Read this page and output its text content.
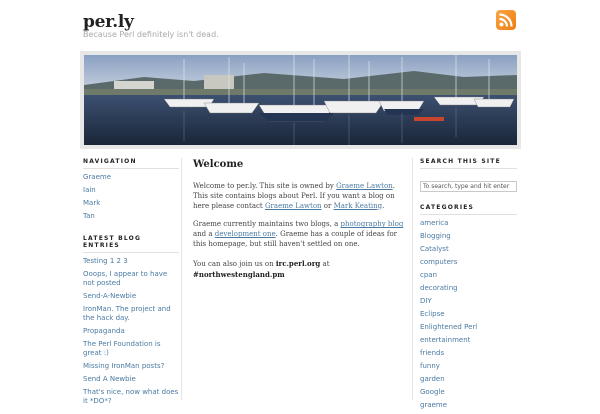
per.ly
Because Perl definitely isn't dead.
NAVIGATION
Graeme
Iain
Mark
Tan
LATEST BLOG ENTRIES
Testing 1 2 3
Ooops, I appear to have not posted
Send-A-Newbie
IronMan. The project and the hack day.
Propaganda
The Perl Foundation is great :)
Missing IronMan posts?
Send A Newbie
That's nice, now what does it *DO*?
Welcome
Welcome to per.ly. This site is owned by Graeme Lawton. This site contains blogs about Perl. If you want a blog on here please contact Graeme Lawton or Mark Keating.
Graeme currently maintains two blogs, a photography blog and a development one. Graeme has a couple of ideas for this homepage, but still haven't settled on one.
You can also join us on irc.perl.org at #northwestengland.pm
SEARCH THIS SITE
To search, type and hit enter
CATEGORIES
america
Blogging
Catalyst
computers
cpan
decorating
DIY
Eclipse
Enlightened Perl
entertainment
friends
funny
garden
Google
graeme
